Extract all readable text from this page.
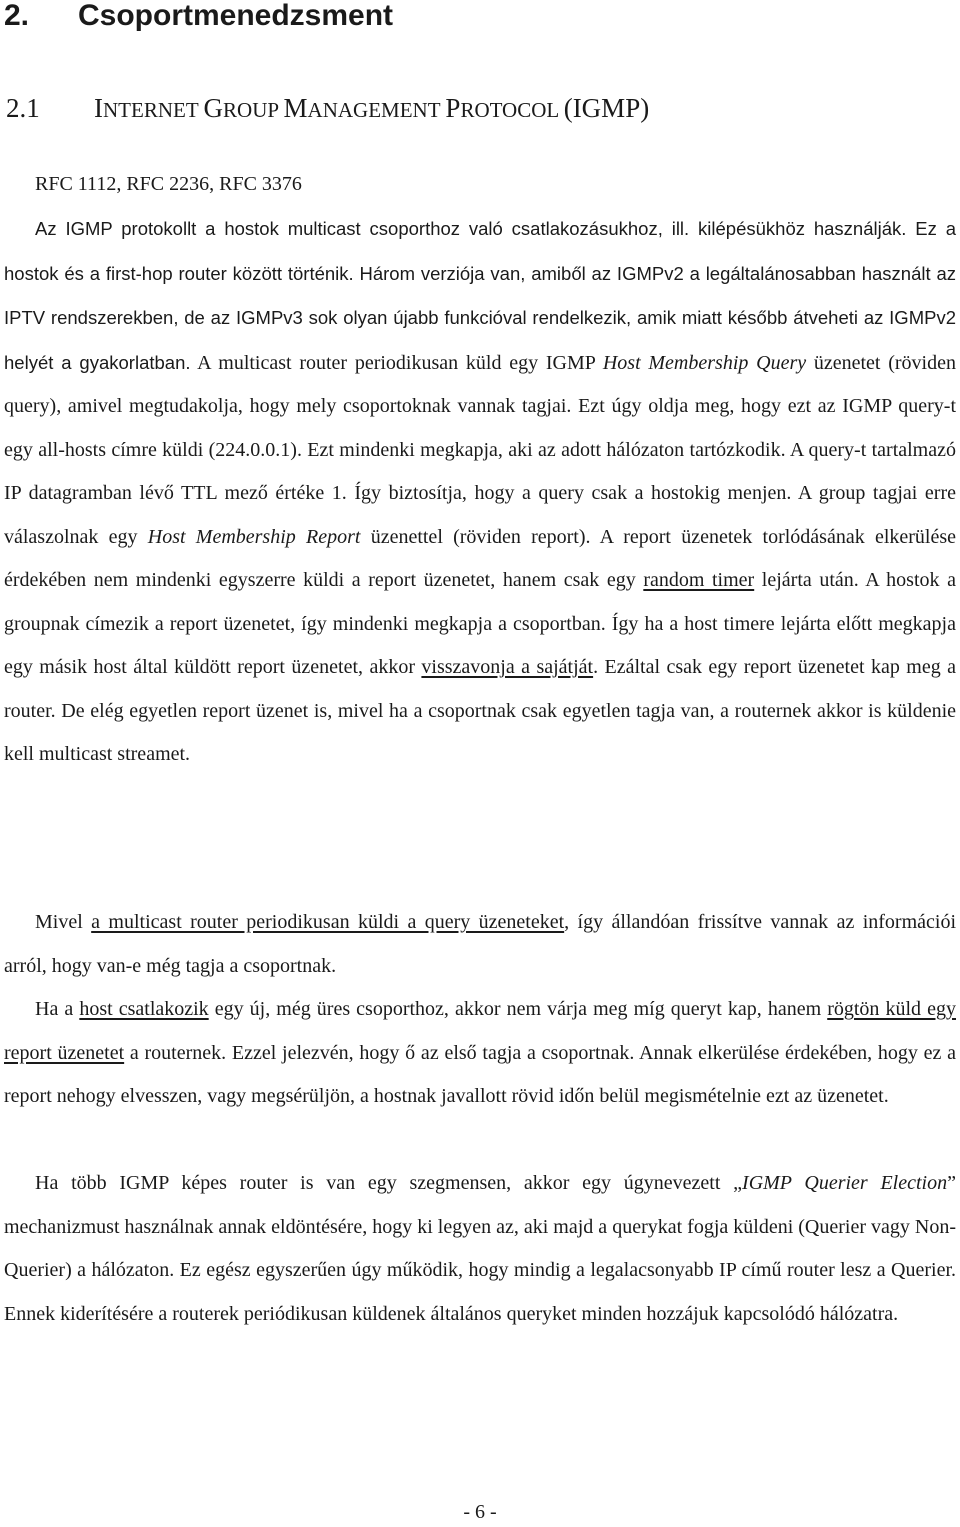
2. Csoportmenedzsment
2.1 INTERNET GROUP MANAGEMENT PROTOCOL (IGMP)
RFC 1112, RFC 2236, RFC 3376

Az IGMP protokollt a hostok multicast csoporthoz való csatlakozásukhoz, ill. kilépésükhöz használják. Ez a hostok és a first-hop router között történik. Három verziója van, amiből az IGMPv2 a legáltalánosabban használt az IPTV rendszerekben, de az IGMPv3 sok olyan újabb funkcióval rendelkezik, amik miatt később átveheti az IGMPv2 helyét a gyakorlatban. A multicast router periodikusan küld egy IGMP Host Membership Query üzenetet (röviden query), amivel megtudakolja, hogy mely csoportoknak vannak tagjai. Ezt úgy oldja meg, hogy ezt az IGMP query-t egy all-hosts címre küldi (224.0.0.1). Ezt mindenki megkapja, aki az adott hálózaton tartózkodik. A query-t tartalmazó IP datagramban lévő TTL mező értéke 1. Így biztosítja, hogy a query csak a hostokig menjen. A group tagjai erre válaszolnak egy Host Membership Report üzenettel (röviden report). A report üzenetek torlódásának elkerülése érdekében nem mindenki egyszerre küldi a report üzenetet, hanem csak egy random timer lejárta után. A hostok a groupnak címezik a report üzenetet, így mindenki megkapja a csoportban. Így ha a host timere lejárta előtt megkapja egy másik host által küldött report üzenetet, akkor visszavonja a sajátját. Ezáltal csak egy report üzenetet kap meg a router. De elég egyetlen report üzenet is, mivel ha a csoportnak csak egyetlen tagja van, a routernek akkor is küldenie kell multicast streamet.

Mivel a multicast router periodikusan küldi a query üzeneteket, így állandóan frissítve vannak az információi arról, hogy van-e még tagja a csoportnak.

Ha a host csatlakozik egy új, még üres csoporthoz, akkor nem várja meg míg queryt kap, hanem rögtön küld egy report üzenetet a routernek. Ezzel jelezvén, hogy ő az első tagja a csoportnak. Annak elkerülése érdekében, hogy ez a report nehogy elvesszen, vagy megsérüljön, a hostnak javallott rövid időn belül megismételnie ezt az üzenetet.

Ha több IGMP képes router is van egy szegmensen, akkor egy úgynevezett „IGMP Querier Election” mechanizmust használnak annak eldöntésére, hogy ki legyen az, aki majd a querykat fogja küldeni (Querier vagy Non-Querier) a hálózaton. Ez egész egyszerűen úgy működik, hogy mindig a legalacsonyabb IP című router lesz a Querier. Ennek kiderítésére a routerek periódikusan küldenek általános queryket minden hozzájuk kapcsolódó hálózatra.

- 6 -
